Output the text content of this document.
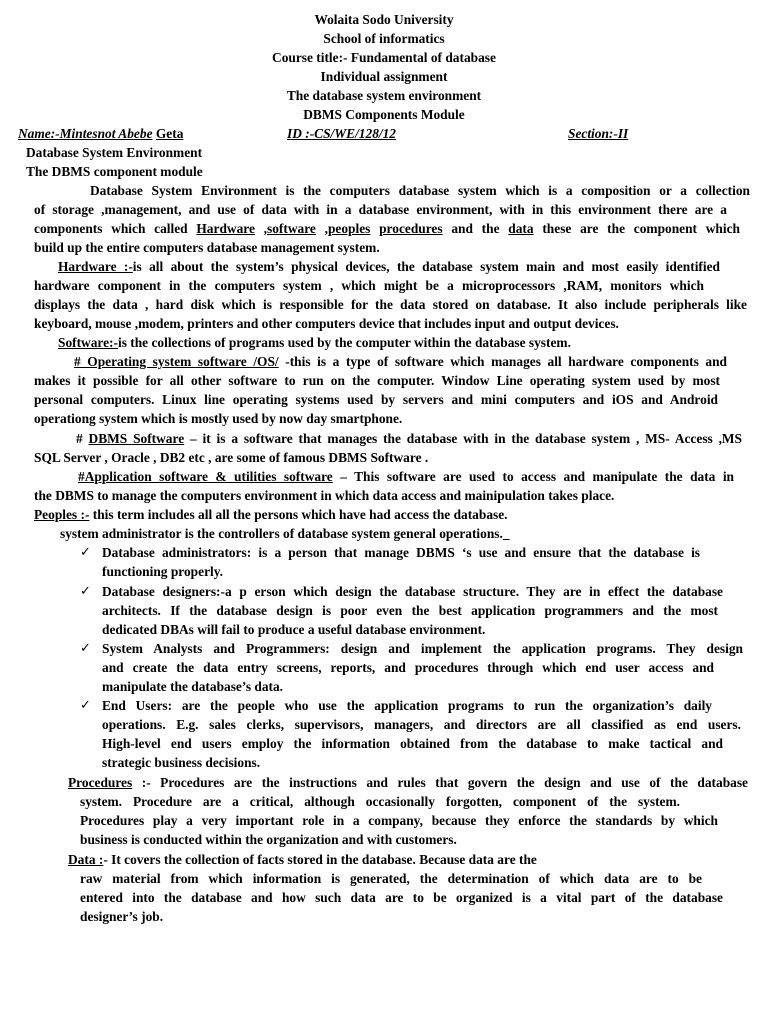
Wolaita Sodo University
School of informatics
Course title:- Fundamental of database
Individual assignment
The database system environment
DBMS Components Module
Name:-Mintesnot Abebe Geta	ID :-CS/WE/128/12	Section:-II
Database System Environment
The DBMS component module
Database System Environment is the computers database system which is a composition or a collection
of storage ,management, and use of data with in a database environment, with in this environment there are a
components which called Hardware ,software ,peoples procedures and the data these are the component which
build up the entire computers database management system.
Hardware :-is all about the system’s physical devices, the database system main and most easily identified
hardware component in the computers system , which might be a microprocessors ,RAM, monitors which
displays the data , hard disk which is responsible for the data stored on database. It also include peripherals like
keyboard, mouse ,modem, printers and other computers device that includes input and output devices.
Software:-is the collections of programs used by the computer within the database system.
# Operating system software /OS/ -this is a type of software which manages all hardware components and
makes it possible for all other software to run on the computer. Window Line operating system used by most
personal computers. Linux line operating systems used by servers and mini computers and iOS and Android
operationg system which is mostly used by now day smartphone.
# DBMS Software – it is a software that manages the database with in the database system , MS- Access ,MS
SQL Server , Oracle , DB2 etc , are some of famous DBMS Software .
#Application software & utilities software – This software are used to access and manipulate the data in
the DBMS to manage the computers environment in which data access and mainipulation takes place.
Peoples :- this term includes all all the persons which have had access the database.
system administrator is the controllers of database system general operations._
✓ Database administrators: is a person that manage DBMS ‘s use and ensure that the database is
functioning properly.
✓ Database designers:-a p erson which design the database structure. They are in effect the database
architects. If the database design is poor even the best application programmers and the most
dedicated DBAs will fail to produce a useful database environment.
✓ System Analysts and Programmers: design and implement the application programs. They design
and create the data entry screens, reports, and procedures through which end user access and
manipulate the database’s data.
✓ End Users: are the people who use the application programs to run the organization’s daily
operations. E.g. sales clerks, supervisors, managers, and directors are all classified as end users.
High-level end users employ the information obtained from the database to make tactical and
strategic business decisions.
Procedures :- Procedures are the instructions and rules that govern the design and use of the database
system. Procedure are a critical, although occasionally forgotten, component of the system.
Procedures play a very important role in a company, because they enforce the standards by which
business is conducted within the organization and with customers.
Data :- It covers the collection of facts stored in the database. Because data are the
raw material from which information is generated, the determination of which data are to be
entered into the database and how such data are to be organized is a vital part of the database
designer’s job.
